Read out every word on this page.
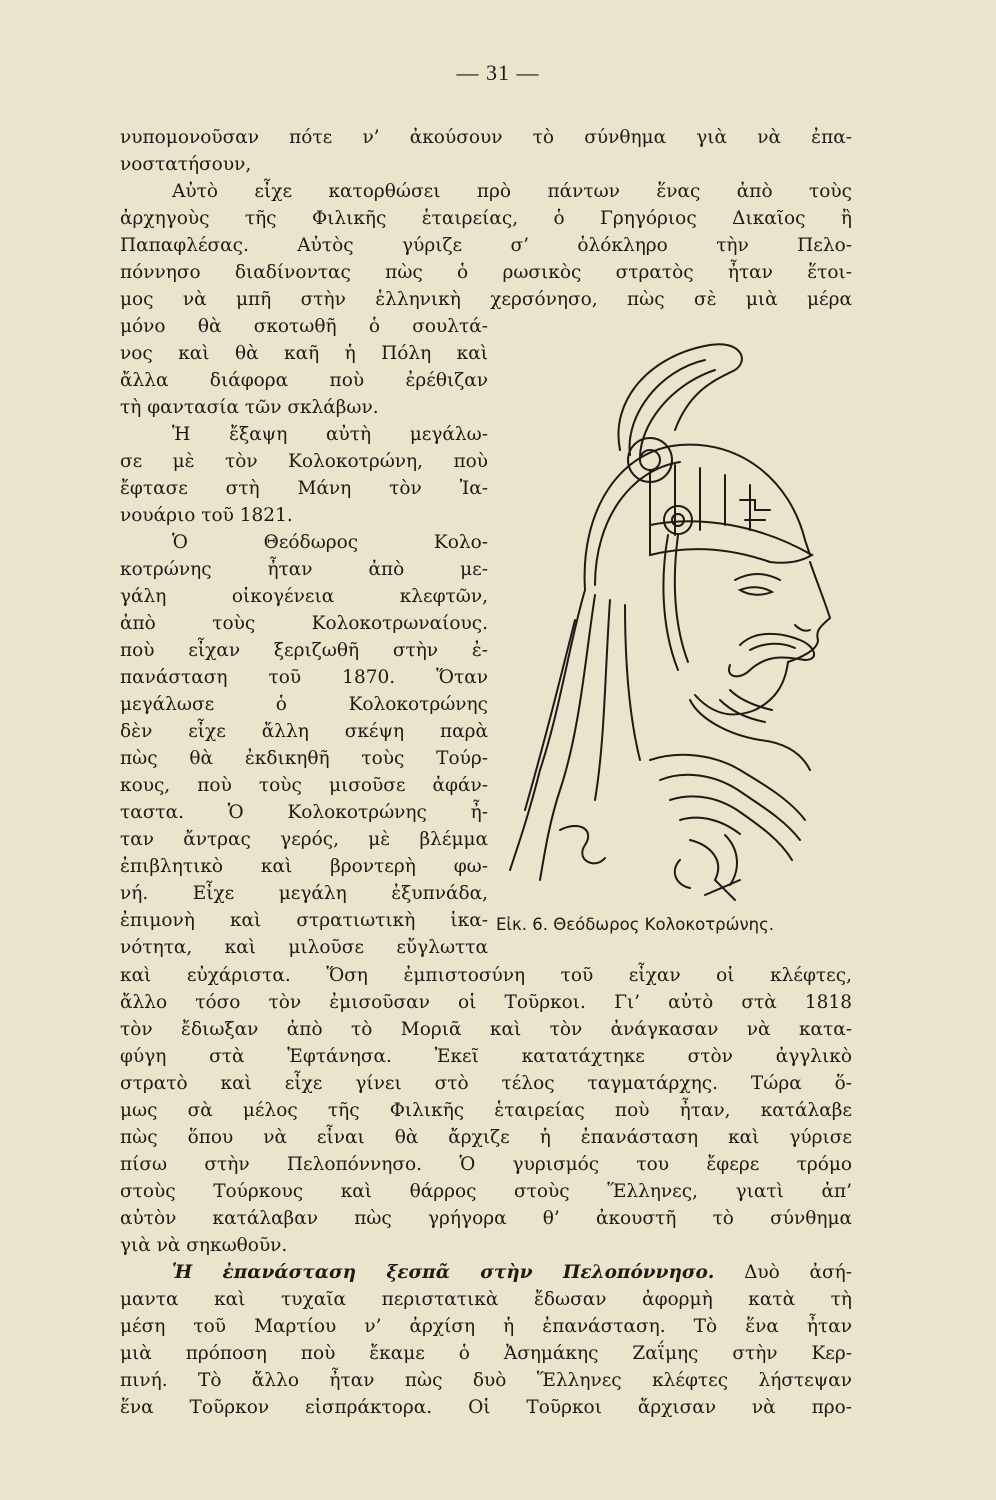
— 31 —
νυπομονοῦσαν πότε ν’ ἀκούσουν τὸ σύνθημα γιὰ νὰ ἐπα-
νοστατήσουν,
Αὐτὸ εἶχε κατορθώσει πρὸ πάντων ἕνας ἀπὸ τοὺς
ἀρχηγοὺς τῆς Φιλικῆς ἑταιρείας, ὁ Γρηγόριος Δικαῖος ἢ
Παπαφλέσας. Αὐτὸς γύριζε σ’ ὁλόκληρο τὴν Πελο-
πόννησο διαδίνοντας πὼς ὁ ρωσικὸς στρατὸς ἦταν ἕτοι-
μος νὰ μπῆ στὴν ἑλληνικὴ χερσόνησο, πὼς σὲ μιὰ μέρα
μόνο θὰ σκοτωθῆ ὁ σουλτά-
νος καὶ θὰ καῆ ἡ Πόλη καὶ
ἄλλα διάφορα ποὺ ἐρέθιζαν
τὴ φαντασία τῶν σκλάβων.
Ἡ ἔξαψη αὐτὴ μεγάλω-
σε μὲ τὸν Κολοκοτρώνη, ποὺ
ἔφτασε στὴ Μάνη τὸν Ἰα-
νουάριο τοῦ 1821.
Ὁ Θεόδωρος Κολο-
κοτρώνης ἦταν ἀπὸ με-
γάλη οἰκογένεια κλεφτῶν,
ἀπὸ τοὺς Κολοκοτρωναίους.
ποὺ εἶχαν ξεριζωθῆ στὴν ἐ-
πανάσταση τοῦ 1870. Ὅταν
μεγάλωσε ὁ Κολοκοτρώνης
δὲν εἶχε ἄλλη σκέψη παρὰ
πὼς θὰ ἐκδικηθῆ τοὺς Τούρ-
κους, ποὺ τοὺς μισοῦσε ἀφάν-
ταστα. Ὁ Κολοκοτρώνης ἦ-
ταν ἄντρας γερός, μὲ βλέμμα
ἐπιβλητικὸ καὶ βροντερὴ φω-
νή. Εἶχε μεγάλη ἐξυπνάδα,
ἐπιμονὴ καὶ στρατιωτικὴ ἱκα-
νότητα, καὶ μιλοῦσε εὔγλωττα
Εἰκ. 6. Θεόδωρος Κολοκοτρώνης.
καὶ εὐχάριστα. Ὅση ἐμπιστοσύνη τοῦ εἶχαν οἱ κλέφτες,
ἄλλο τόσο τὸν ἐμισοῦσαν οἱ Τοῦρκοι. Γι’ αὐτὸ στὰ 1818
τὸν ἔδιωξαν ἀπὸ τὸ Μοριᾶ καὶ τὸν ἀνάγκασαν νὰ κατα-
φύγη στὰ Ἑφτάνησα. Ἐκεῖ κατατάχτηκε στὸν ἀγγλικὸ
στρατὸ καὶ εἶχε γίνει στὸ τέλος ταγματάρχης. Τώρα ὅ-
μως σὰ μέλος τῆς Φιλικῆς ἑταιρείας ποὺ ἦταν, κατάλαβε
πὼς ὅπου νὰ εἶναι θὰ ἄρχιζε ἡ ἐπανάσταση καὶ γύρισε
πίσω στὴν Πελοπόννησο. Ὁ γυρισμός του ἔφερε τρόμο
στοὺς Τούρκους καὶ θάρρος στοὺς Ἕλληνες, γιατὶ ἀπ’
αὐτὸν κατάλαβαν πὼς γρήγορα θ’ ἀκουστῆ τὸ σύνθημα
γιὰ νὰ σηκωθοῦν.
Ἡ ἐπανάσταση ξεσπᾶ στὴν Πελοπόννησο. Δυὸ ἀσή-
μαντα καὶ τυχαῖα περιστατικὰ ἔδωσαν ἀφορμὴ κατὰ τὴ
μέση τοῦ Μαρτίου ν’ ἀρχίση ἡ ἐπανάσταση. Τὸ ἕνα ἦταν
μιὰ πρόποση ποὺ ἔκαμε ὁ Ἀσημάκης Ζαΐμης στὴν Κερ-
πινή. Τὸ ἄλλο ἦταν πὼς δυὸ Ἕλληνες κλέφτες λήστεψαν
ἕνα Τοῦρκον εἰσπράκτορα. Οἱ Τοῦρκοι ἄρχισαν νὰ προ-
